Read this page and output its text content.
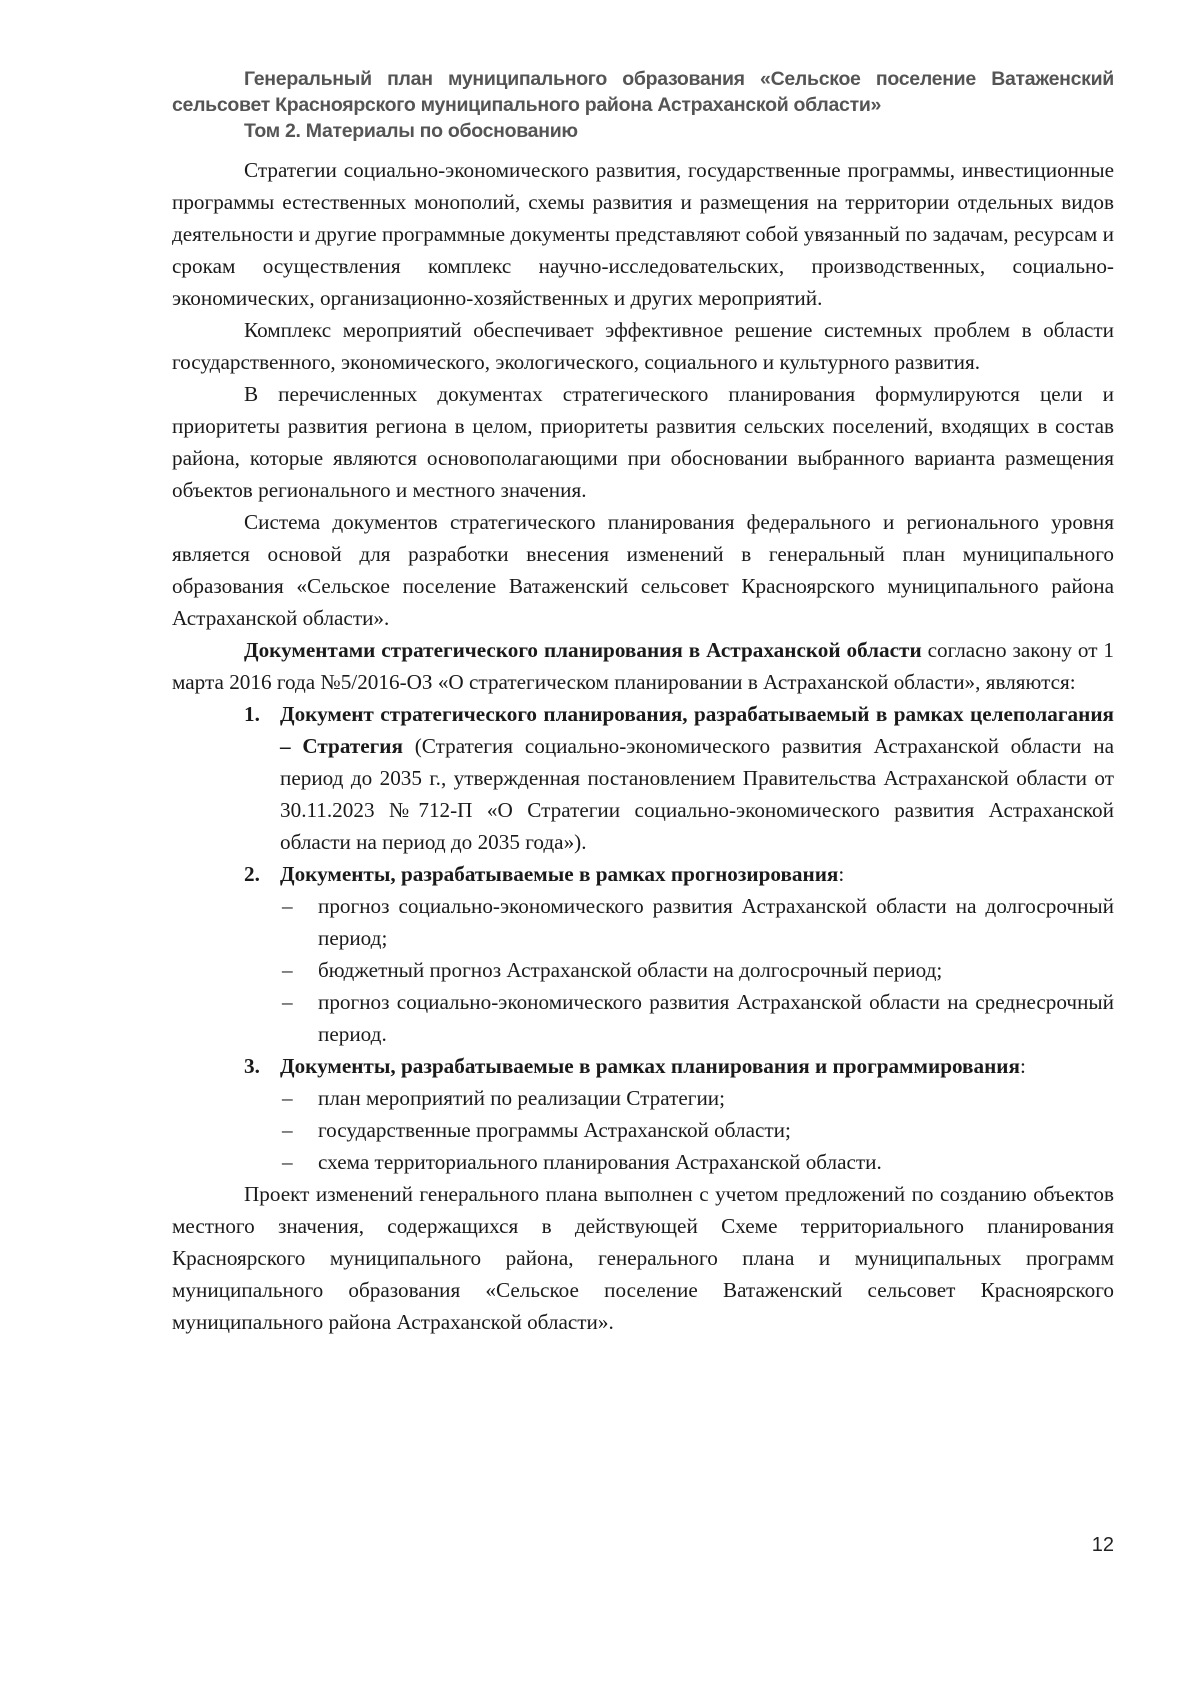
Генеральный план муниципального образования «Сельское поселение Ватаженский сельсовет Красноярского муниципального района Астраханской области»
Том 2. Материалы по обоснованию

Стратегии социально-экономического развития, государственные программы, инвестиционные программы естественных монополий, схемы развития и размещения на территории отдельных видов деятельности и другие программные документы представляют собой увязанный по задачам, ресурсам и срокам осуществления комплекс научно-исследовательских, производственных, социально-экономических, организационно-хозяйственных и других мероприятий.

Комплекс мероприятий обеспечивает эффективное решение системных проблем в области государственного, экономического, экологического, социального и культурного развития.

В перечисленных документах стратегического планирования формулируются цели и приоритеты развития региона в целом, приоритеты развития сельских поселений, входящих в состав района, которые являются основополагающими при обосновании выбранного варианта размещения объектов регионального и местного значения.

Система документов стратегического планирования федерального и регионального уровня является основой для разработки внесения изменений в генеральный план муниципального образования «Сельское поселение Ватаженский сельсовет Красноярского муниципального района Астраханской области».

Документами стратегического планирования в Астраханской области согласно закону от 1 марта 2016 года №5/2016-ОЗ «О стратегическом планировании в Астраханской области», являются:

1. Документ стратегического планирования, разрабатываемый в рамках целеполагания – Стратегия (Стратегия социально-экономического развития Астраханской области на период до 2035 г., утвержденная постановлением Правительства Астраханской области от 30.11.2023 №712-П «О Стратегии социально-экономического развития Астраханской области на период до 2035 года»).
2. Документы, разрабатываемые в рамках прогнозирования:
– прогноз социально-экономического развития Астраханской области на долгосрочный период;
– бюджетный прогноз Астраханской области на долгосрочный период;
– прогноз социально-экономического развития Астраханской области на среднесрочный период.
3. Документы, разрабатываемые в рамках планирования и программирования:
– план мероприятий по реализации Стратегии;
– государственные программы Астраханской области;
– схема территориального планирования Астраханской области.

Проект изменений генерального плана выполнен с учетом предложений по созданию объектов местного значения, содержащихся в действующей Схеме территориального планирования Красноярского муниципального района, генерального плана и муниципальных программ муниципального образования «Сельское поселение Ватаженский сельсовет Красноярского муниципального района Астраханской области».

12
